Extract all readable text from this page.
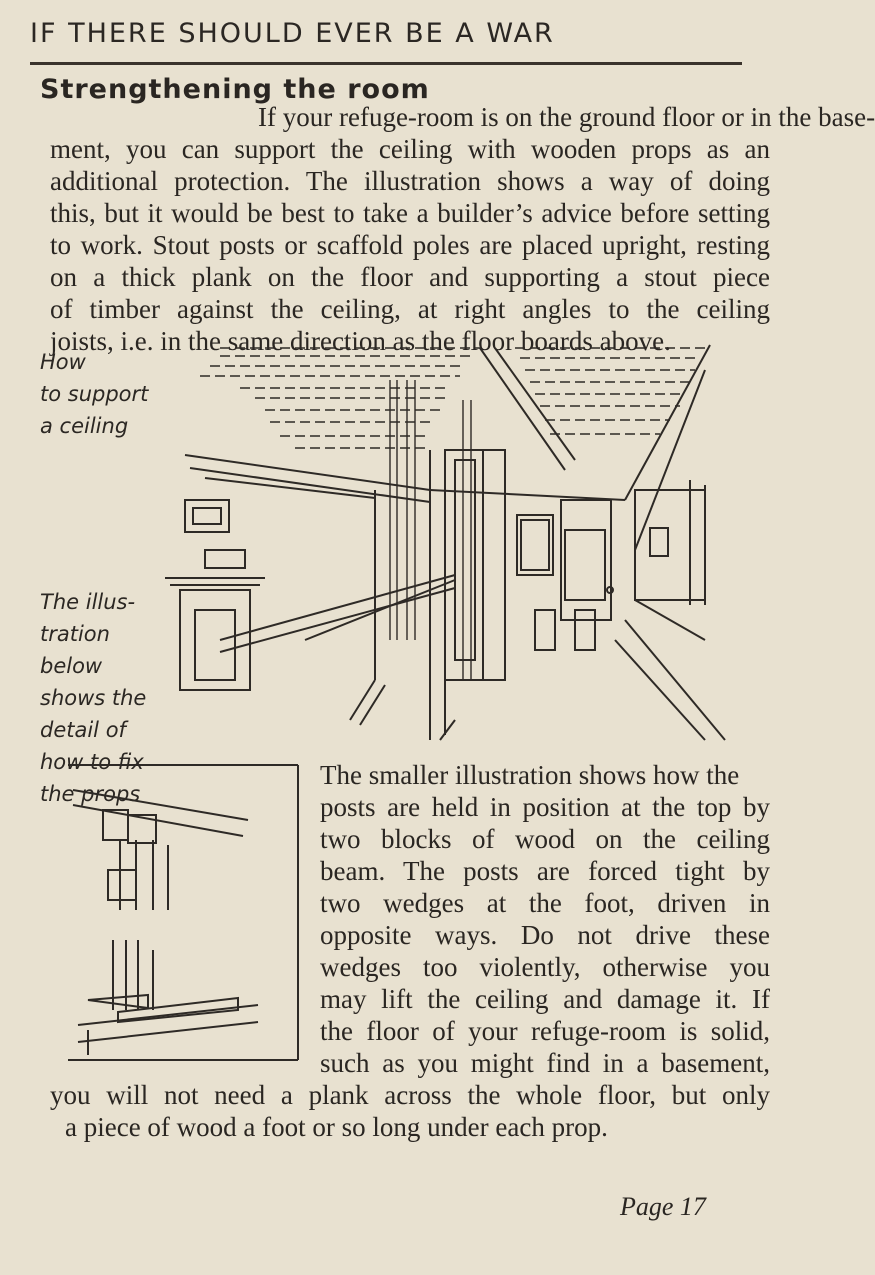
IF THERE SHOULD EVER BE A WAR
Strengthening the room
If your refuge-room is on the ground floor or in the base-
ment, you can support the ceiling with wooden props as an
additional protection. The illustration shows a way of doing
this, but it would be best to take a builder’s advice before setting
to work. Stout posts or scaffold poles are placed upright, resting
on a thick plank on the floor and supporting a stout piece
of timber against the ceiling, at right angles to the ceiling
joists, i.e. in the same direction as the floor boards above.
How
to support
a ceiling
The illus-
tration
below
shows the
detail of
how to fix
the props
The smaller illustration shows how the
posts are held in position at the top by
two blocks of wood on the ceiling
beam. The posts are forced tight by
two wedges at the foot, driven in
opposite ways. Do not drive these
wedges too violently, otherwise you
may lift the ceiling and damage it. If
the floor of your refuge-room is solid,
such as you might find in a basement,
you will not need a plank across the whole floor, but only
a piece of wood a foot or so long under each prop.
Page 17
